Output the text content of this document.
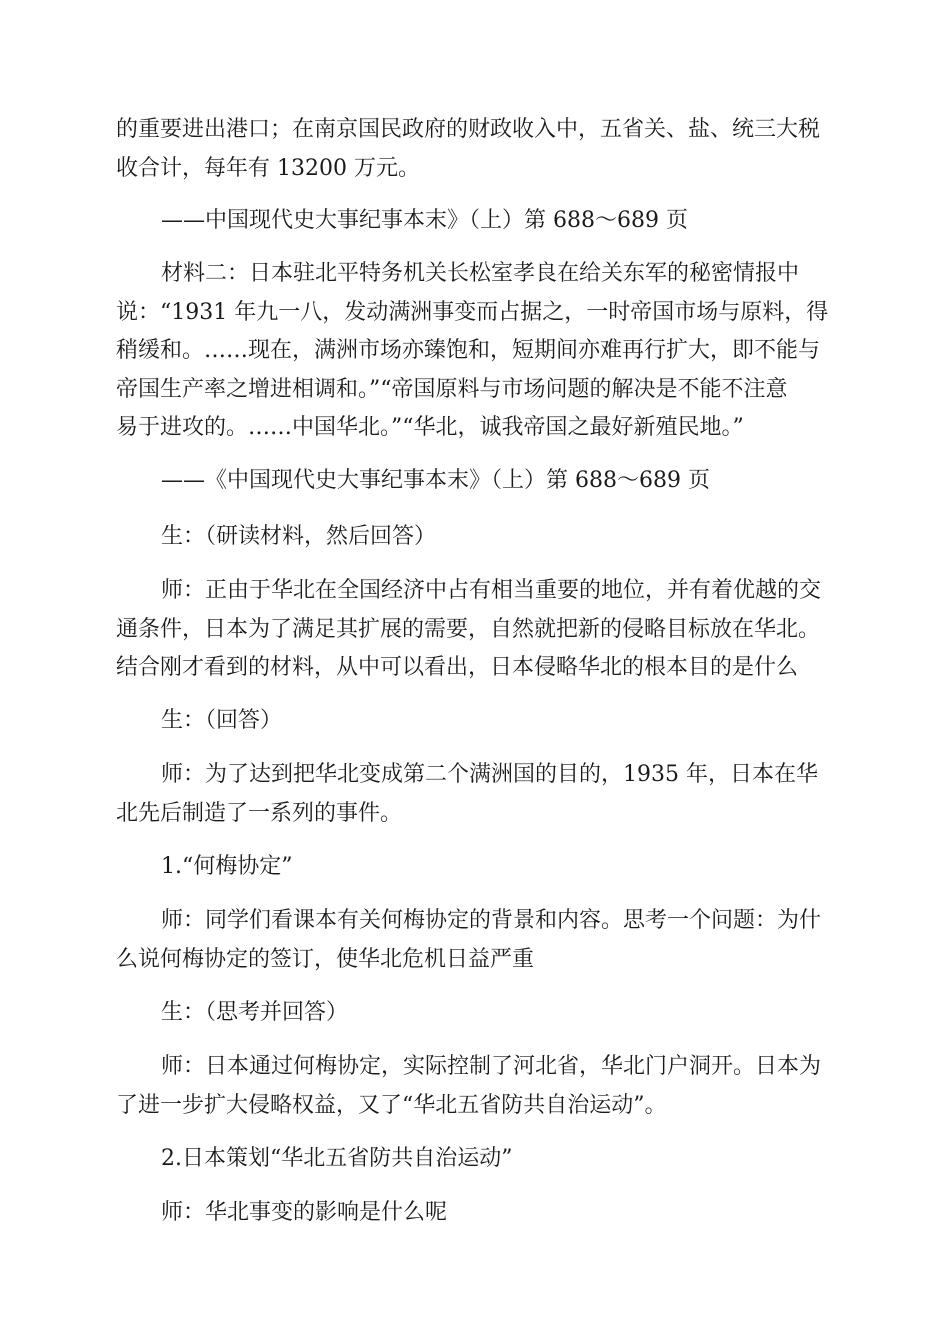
的重要进出港口；在南京国民政府的财政收入中，五省关、盐、统三大税
收合计，每年有 13200 万元。

——中国现代史大事纪事本末》（上）第 688～689 页

材料二：日本驻北平特务机关长松室孝良在给关东军的秘密情报中
说：“1931 年九一八，发动满洲事变而占据之，一时帝国市场与原料，得
稍缓和。……现在，满洲市场亦臻饱和，短期间亦难再行扩大，即不能与
帝国生产率之增进相调和。”“帝国原料与市场问题的解决是不能不注意
易于进攻的。……中国华北。”“华北，诚我帝国之最好新殖民地。”

——《中国现代史大事纪事本末》（上）第 688～689 页

生：（研读材料，然后回答）

师：正由于华北在全国经济中占有相当重要的地位，并有着优越的交
通条件，日本为了满足其扩展的需要，自然就把新的侵略目标放在华北。
结合刚才看到的材料，从中可以看出，日本侵略华北的根本目的是什么

生：（回答）

师：为了达到把华北变成第二个满洲国的目的，1935 年，日本在华
北先后制造了一系列的事件。

1.“何梅协定”

师：同学们看课本有关何梅协定的背景和内容。思考一个问题：为什
么说何梅协定的签订，使华北危机日益严重

生：（思考并回答）

师：日本通过何梅协定，实际控制了河北省，华北门户洞开。日本为
了进一步扩大侵略权益，又了“华北五省防共自治运动”。

2.日本策划“华北五省防共自治运动”

师：华北事变的影响是什么呢
